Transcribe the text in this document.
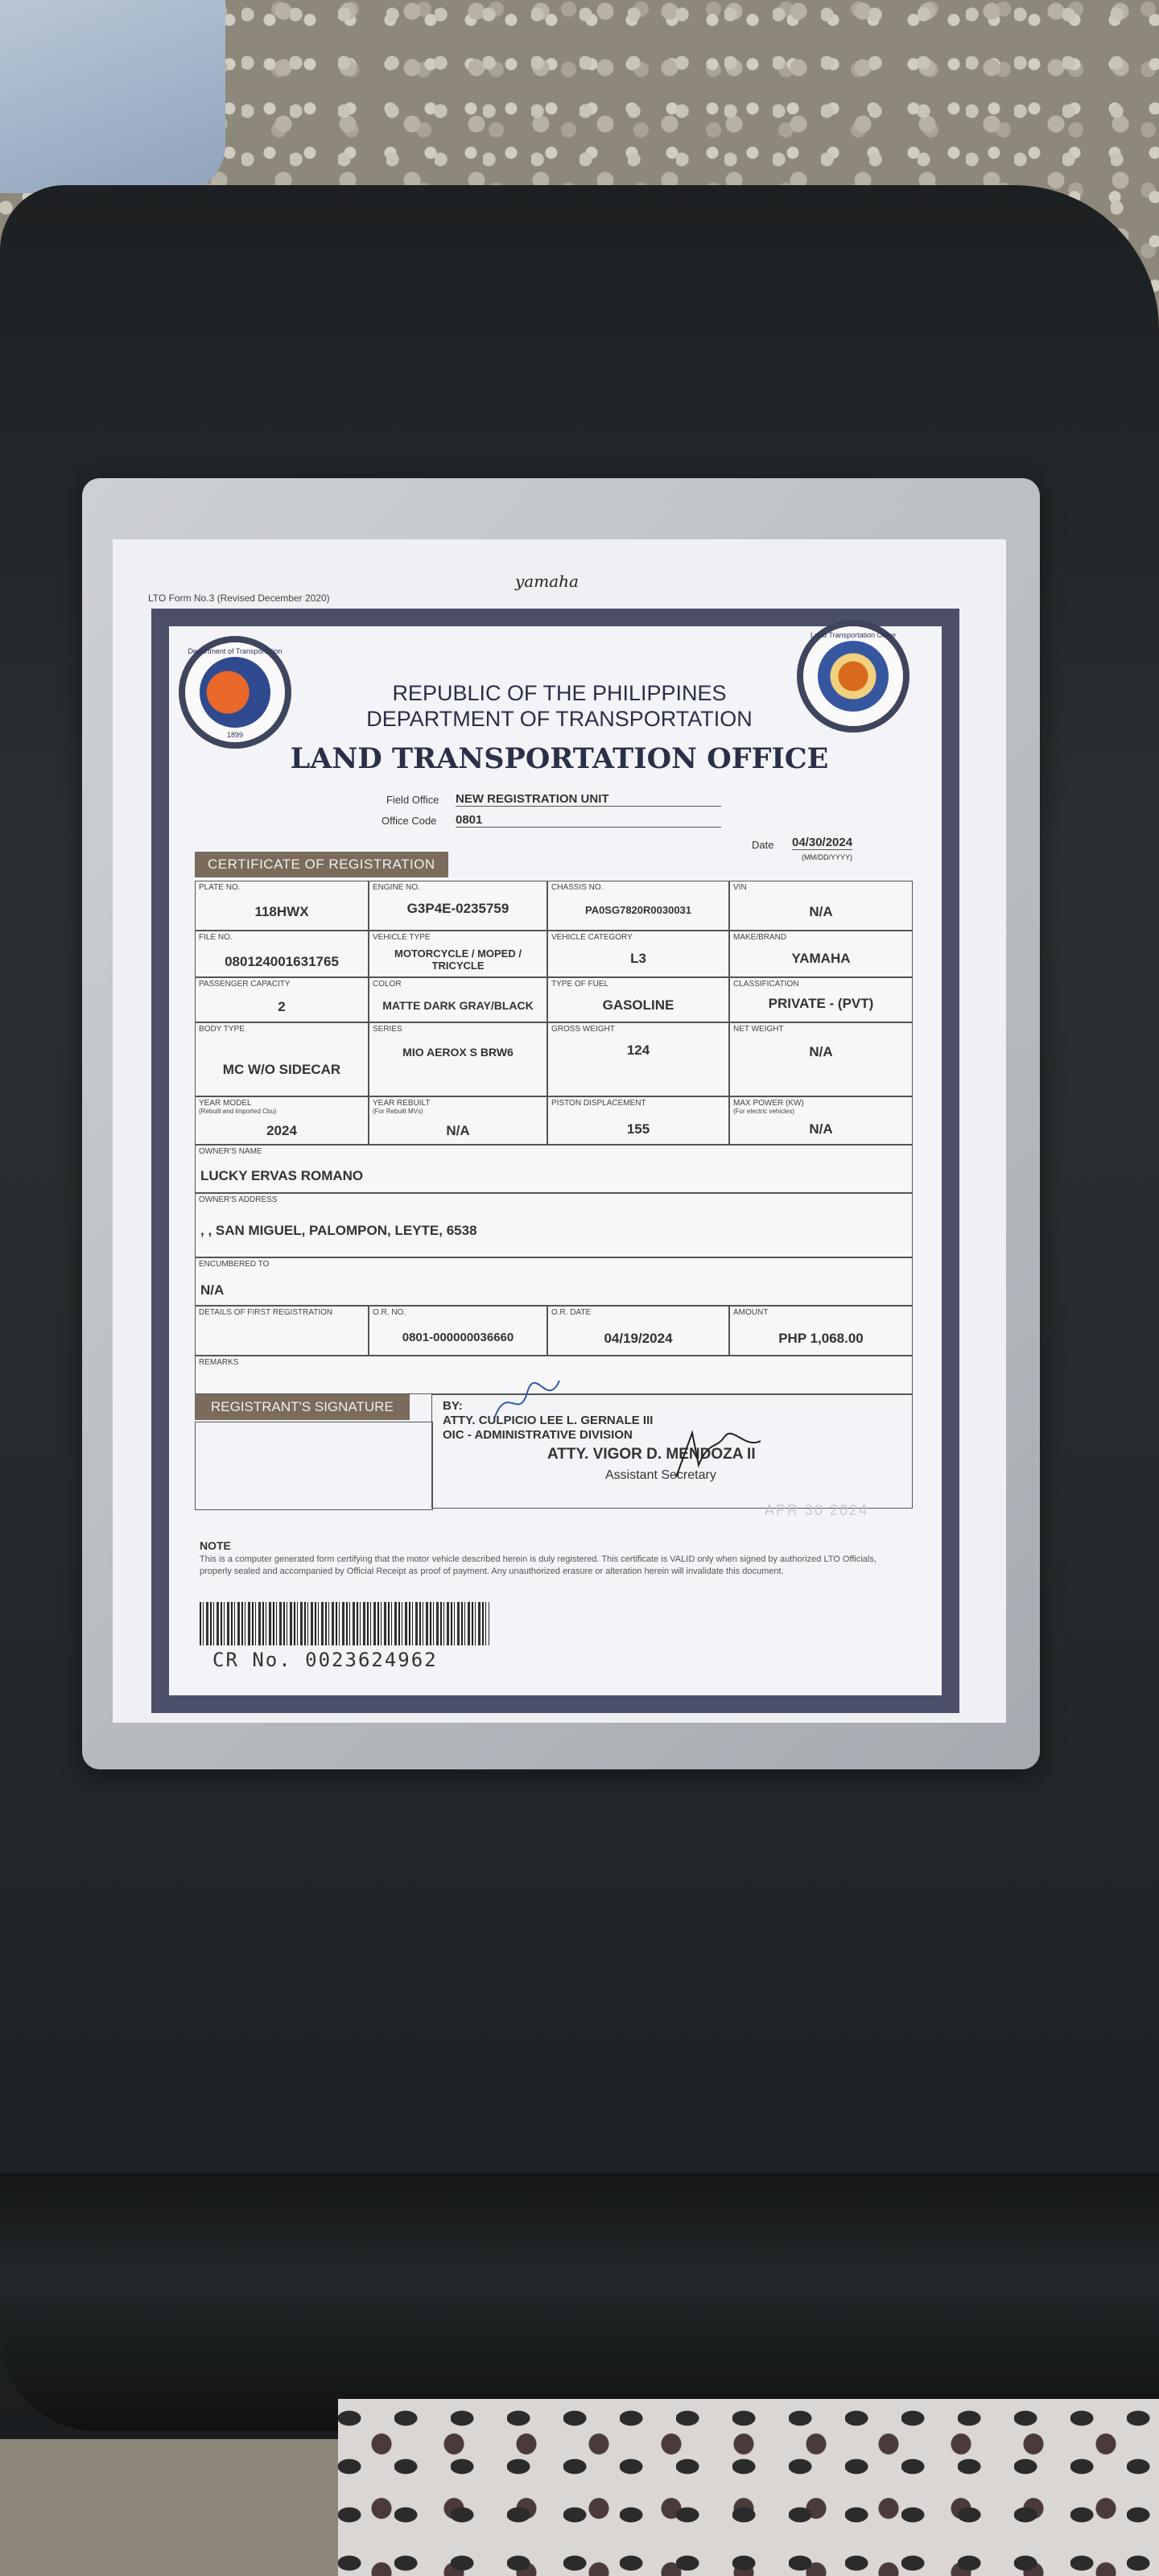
LTO Form No.3 (Revised December 2020)
yamaha
Department of Transportation
1899
Land Transportation Office
REPUBLIC OF THE PHILIPPINES
DEPARTMENT OF TRANSPORTATION
LAND TRANSPORTATION OFFICE
Field Office NEW REGISTRATION UNIT
Office Code 0801
Date 04/30/2024
(MM/DD/YYYY)
CERTIFICATE OF REGISTRATION
PLATE NO.
118HWX
ENGINE NO.
G3P4E-0235759
CHASSIS NO.
PA0SG7820R0030031
VIN
N/A
FILE NO.
080124001631765
VEHICLE TYPE
MOTORCYCLE / MOPED / TRICYCLE
VEHICLE CATEGORY
L3
MAKE/BRAND
YAMAHA
PASSENGER CAPACITY
2
COLOR
MATTE DARK GRAY/BLACK
TYPE OF FUEL
GASOLINE
CLASSIFICATION
PRIVATE - (PVT)
BODY TYPE
MC W/O SIDECAR
SERIES
MIO AEROX S BRW6
GROSS WEIGHT
124
NET WEIGHT
N/A
YEAR MODEL
(Rebuilt and Imported Cbu)
2024
YEAR REBUILT
(For Rebuilt MVs)
N/A
PISTON DISPLACEMENT
155
MAX POWER (KW)
(For electric vehicles)
N/A
OWNER'S NAME
LUCKY ERVAS ROMANO
OWNER'S ADDRESS
, , SAN MIGUEL, PALOMPON, LEYTE, 6538
ENCUMBERED TO
N/A
DETAILS OF FIRST REGISTRATION	O.R. NO.
0801-000000036660
O.R. DATE
04/19/2024
AMOUNT
PHP 1,068.00
REMARKS
REGISTRANT'S SIGNATURE	BY:
ATTY. CULPICIO LEE L. GERNALE III
OIC - ADMINISTRATIVE DIVISION
ATTY. VIGOR D. MENDOZA II
Assistant Secretary
APR 30 2024
NOTE
This is a computer generated form certifying that the motor vehicle described herein is duly registered. This certificate is VALID only when signed by authorized LTO Officials, properly sealed and accompanied by Official Receipt as proof of payment. Any unauthorized erasure or alteration herein will invalidate this document.
CR No. 0023624962
